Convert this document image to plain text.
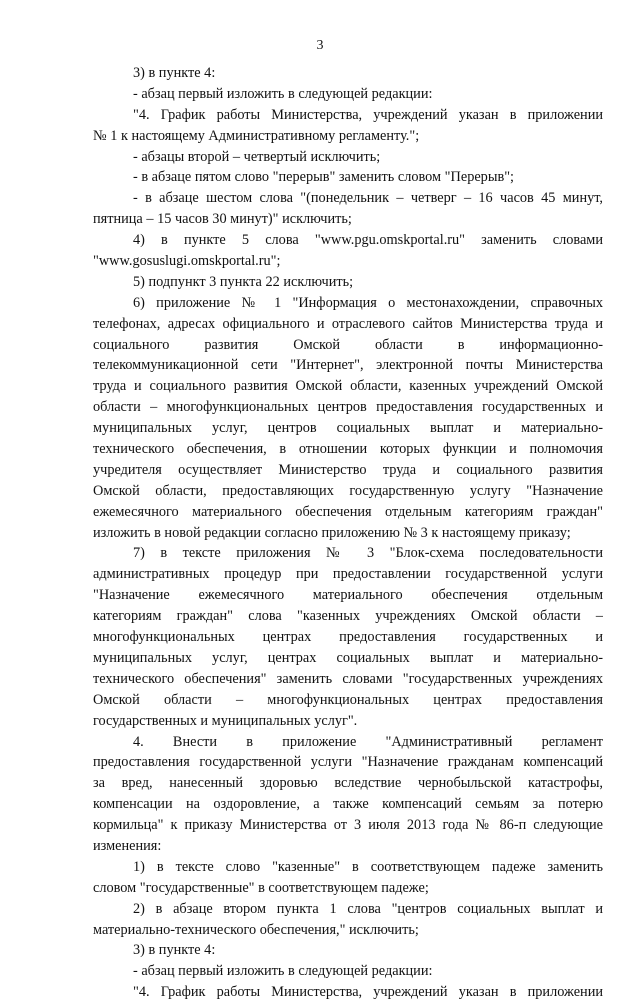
3
3) в пункте 4:
- абзац первый изложить в следующей редакции:
"4. График работы Министерства, учреждений указан в приложении
№ 1 к настоящему Административному регламенту.";
- абзацы второй – четвертый исключить;
- в абзаце пятом слово "перерыв" заменить словом "Перерыв";
- в абзаце шестом слова "(понедельник – четверг – 16 часов 45 минут,
пятница – 15 часов 30 минут)" исключить;
4) в пункте 5 слова "www.pgu.omskportal.ru" заменить словами
"www.gosuslugi.omskportal.ru";
5) подпункт 3 пункта 22 исключить;
6) приложение № 1 "Информация о местонахождении, справочных
телефонах, адресах официального и отраслевого сайтов Министерства труда и
социального развития Омской области в информационно-
телекоммуникационной сети "Интернет", электронной почты Министерства
труда и социального развития Омской области, казенных учреждений Омской
области – многофункциональных центров предоставления государственных и
муниципальных услуг, центров социальных выплат и материально-
технического обеспечения, в отношении которых функции и полномочия
учредителя осуществляет Министерство труда и социального развития
Омской области, предоставляющих государственную услугу "Назначение
ежемесячного материального обеспечения отдельным категориям граждан"
изложить в новой редакции согласно приложению № 3 к настоящему приказу;
7) в тексте приложения № 3 "Блок-схема последовательности
административных процедур при предоставлении государственной услуги
"Назначение ежемесячного материального обеспечения отдельным
категориям граждан" слова "казенных учреждениях Омской области –
многофункциональных центрах предоставления государственных и
муниципальных услуг, центрах социальных выплат и материально-
технического обеспечения" заменить словами "государственных учреждениях
Омской области – многофункциональных центрах предоставления
государственных и муниципальных услуг".
4. Внести в приложение "Административный регламент
предоставления государственной услуги "Назначение гражданам компенсаций
за вред, нанесенный здоровью вследствие чернобыльской катастрофы,
компенсации на оздоровление, а также компенсаций семьям за потерю
кормильца" к приказу Министерства от 3 июля 2013 года № 86-п следующие
изменения:
1) в тексте слово "казенные" в соответствующем падеже заменить
словом "государственные" в соответствующем падеже;
2) в абзаце втором пункта 1 слова "центров социальных выплат и
материально-технического обеспечения," исключить;
3) в пункте 4:
- абзац первый изложить в следующей редакции:
"4. График работы Министерства, учреждений указан в приложении
